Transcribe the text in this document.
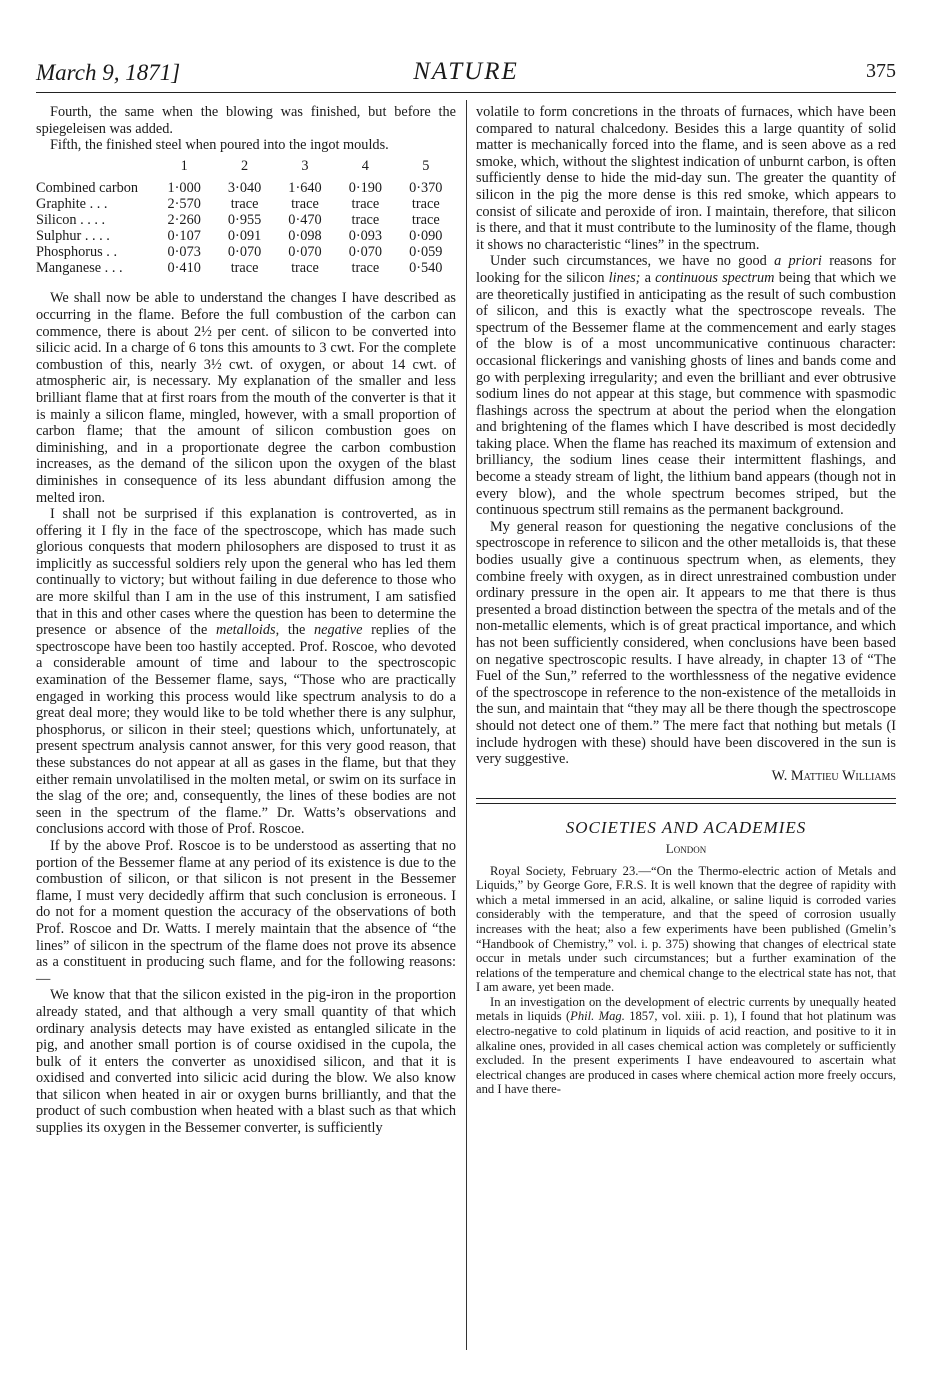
March 9, 1871]	NATURE	375

Fourth, the same when the blowing was finished, but before the spiegeleisen was added.

Fifth, the finished steel when poured into the ingot moulds.

	1	2	3	4	5
Combined carbon	1·000	3·040	1·640	0·190	0·370
Graphite . . .	2·570	trace	trace	trace	trace
Silicon . . . .	2·260	0·955	0·470	trace	trace
Sulphur . . . .	0·107	0·091	0·098	0·093	0·090
Phosphorus . .	0·073	0·070	0·070	0·070	0·059
Manganese . . .	0·410	trace	trace	trace	0·540

We shall now be able to understand the changes I have described as occurring in the flame. Before the full combustion of the carbon can commence, there is about 2½ per cent. of silicon to be converted into silicic acid. In a charge of 6 tons this amounts to 3 cwt. For the complete combustion of this, nearly 3½ cwt. of oxygen, or about 14 cwt. of atmospheric air, is necessary. My explanation of the smaller and less brilliant flame that at first roars from the mouth of the converter is that it is mainly a silicon flame, mingled, however, with a small proportion of carbon flame; that the amount of silicon combustion goes on diminishing, and in a proportionate degree the carbon combustion increases, as the demand of the silicon upon the oxygen of the blast diminishes in consequence of its less abundant diffusion among the melted iron.

I shall not be surprised if this explanation is controverted, as in offering it I fly in the face of the spectroscope, which has made such glorious conquests that modern philosophers are disposed to trust it as implicitly as successful soldiers rely upon the general who has led them continually to victory; but without failing in due deference to those who are more skilful than I am in the use of this instrument, I am satisfied that in this and other cases where the question has been to determine the presence or absence of the metalloids, the negative replies of the spectroscope have been too hastily accepted. Prof. Roscoe, who devoted a considerable amount of time and labour to the spectroscopic examination of the Bessemer flame, says, “Those who are practically engaged in working this process would like spectrum analysis to do a great deal more; they would like to be told whether there is any sulphur, phosphorus, or silicon in their steel; questions which, unfortunately, at present spectrum analysis cannot answer, for this very good reason, that these substances do not appear at all as gases in the flame, but that they either remain unvolatilised in the molten metal, or swim on its surface in the slag of the ore; and, consequently, the lines of these bodies are not seen in the spectrum of the flame.” Dr. Watts’s observations and conclusions accord with those of Prof. Roscoe.

If by the above Prof. Roscoe is to be understood as asserting that no portion of the Bessemer flame at any period of its existence is due to the combustion of silicon, or that silicon is not present in the Bessemer flame, I must very decidedly affirm that such conclusion is erroneous. I do not for a moment question the accuracy of the observations of both Prof. Roscoe and Dr. Watts. I merely maintain that the absence of “the lines” of silicon in the spectrum of the flame does not prove its absence as a constituent in producing such flame, and for the following reasons:—

We know that that the silicon existed in the pig-iron in the proportion already stated, and that although a very small quantity of that which ordinary analysis detects may have existed as entangled silicate in the pig, and another small portion is of course oxidised in the cupola, the bulk of it enters the converter as unoxidised silicon, and that it is oxidised and converted into silicic acid during the blow. We also know that silicon when heated in air or oxygen burns brilliantly, and that the product of such combustion when heated with a blast such as that which supplies its oxygen in the Bessemer converter, is sufficiently

volatile to form concretions in the throats of furnaces, which have been compared to natural chalcedony. Besides this a large quantity of solid matter is mechanically forced into the flame, and is seen above as a red smoke, which, without the slightest indication of unburnt carbon, is often sufficiently dense to hide the mid-day sun. The greater the quantity of silicon in the pig the more dense is this red smoke, which appears to consist of silicate and peroxide of iron. I maintain, therefore, that silicon is there, and that it must contribute to the luminosity of the flame, though it shows no characteristic “lines” in the spectrum.

Under such circumstances, we have no good a priori reasons for looking for the silicon lines; a continuous spectrum being that which we are theoretically justified in anticipating as the result of such combustion of silicon, and this is exactly what the spectroscope reveals. The spectrum of the Bessemer flame at the commencement and early stages of the blow is of a most uncommunicative continuous character: occasional flickerings and vanishing ghosts of lines and bands come and go with perplexing irregularity; and even the brilliant and ever obtrusive sodium lines do not appear at this stage, but commence with spasmodic flashings across the spectrum at about the period when the elongation and brightening of the flames which I have described is most decidedly taking place. When the flame has reached its maximum of extension and brilliancy, the sodium lines cease their intermittent flashings, and become a steady stream of light, the lithium band appears (though not in every blow), and the whole spectrum becomes striped, but the continuous spectrum still remains as the permanent background.

My general reason for questioning the negative conclusions of the spectroscope in reference to silicon and the other metalloids is, that these bodies usually give a continuous spectrum when, as elements, they combine freely with oxygen, as in direct unrestrained combustion under ordinary pressure in the open air. It appears to me that there is thus presented a broad distinction between the spectra of the metals and of the non-metallic elements, which is of great practical importance, and which has not been sufficiently considered, when conclusions have been based on negative spectroscopic results. I have already, in chapter 13 of “The Fuel of the Sun,” referred to the worthlessness of the negative evidence of the spectroscope in reference to the non-existence of the metalloids in the sun, and maintain that “they may all be there though the spectroscope should not detect one of them.” The mere fact that nothing but metals (I include hydrogen with these) should have been discovered in the sun is very suggestive.

W. Mattieu Williams
SOCIETIES AND ACADEMIES
London

Royal Society, February 23.—“On the Thermo-electric action of Metals and Liquids,” by George Gore, F.R.S. It is well known that the degree of rapidity with which a metal immersed in an acid, alkaline, or saline liquid is corroded varies considerably with the temperature, and that the speed of corrosion usually increases with the heat; also a few experiments have been published (Gmelin’s “Handbook of Chemistry,” vol. i. p. 375) showing that changes of electrical state occur in metals under such circumstances; but a further examination of the relations of the temperature and chemical change to the electrical state has not, that I am aware, yet been made.

In an investigation on the development of electric currents by unequally heated metals in liquids (Phil. Mag. 1857, vol. xiii. p. 1), I found that hot platinum was electro-negative to cold platinum in liquids of acid reaction, and positive to it in alkaline ones, provided in all cases chemical action was completely or sufficiently excluded. In the present experiments I have endeavoured to ascertain what electrical changes are produced in cases where chemical action more freely occurs, and I have there-
